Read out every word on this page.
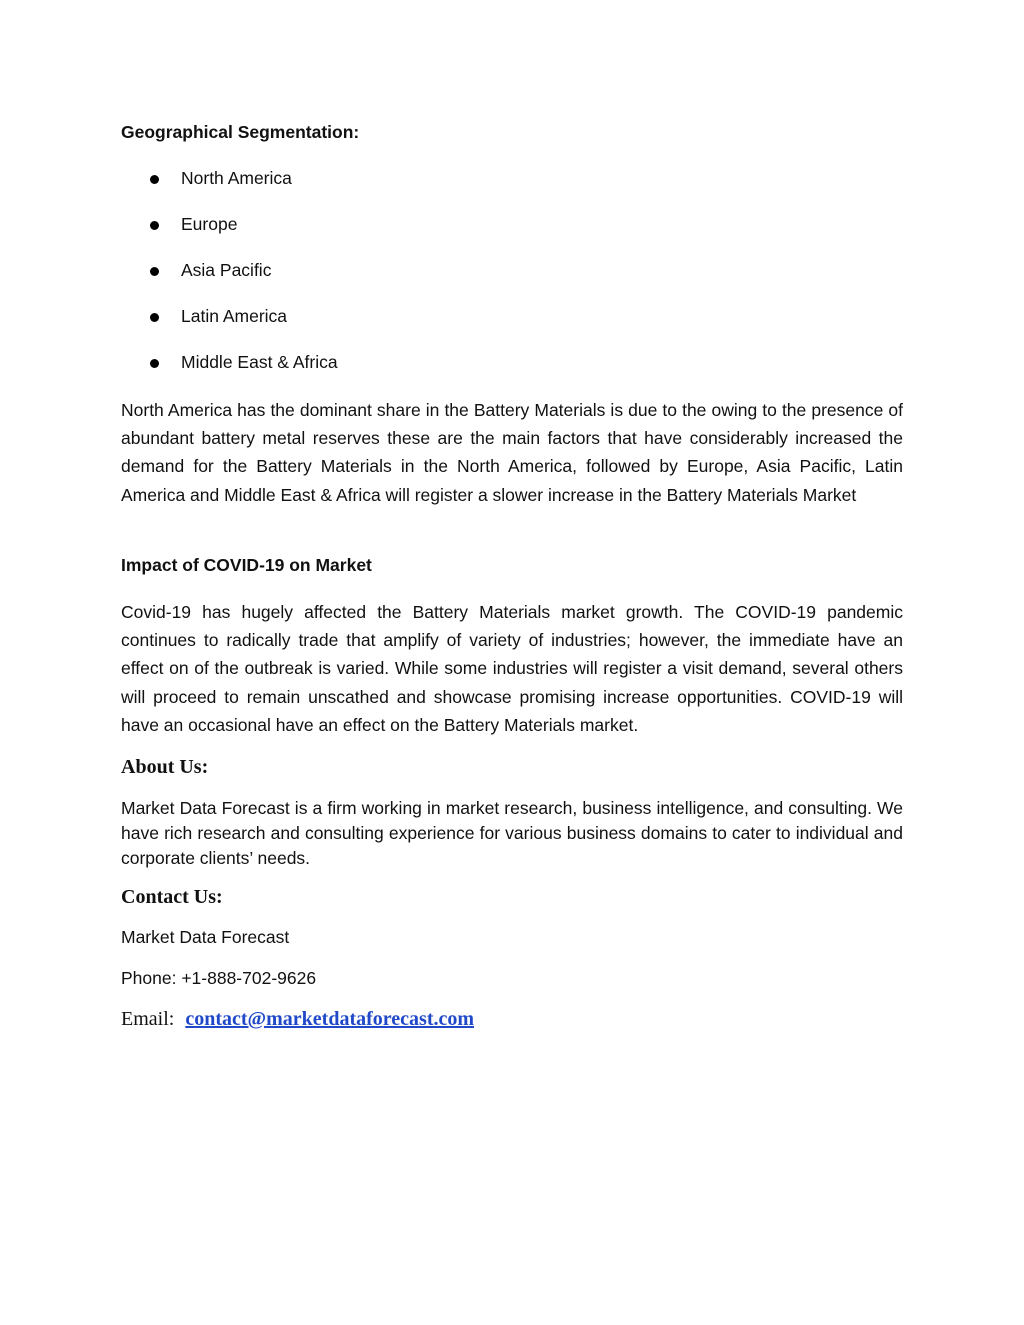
Geographical Segmentation:
North America
Europe
Asia Pacific
Latin America
Middle East & Africa

North America has the dominant share in the Battery Materials is due to the owing to the presence of abundant battery metal reserves these are the main factors that have considerably increased the demand for the Battery Materials in the North America, followed by Europe, Asia Pacific, Latin America and Middle East & Africa will register a slower increase in the Battery Materials Market

Impact of COVID-19 on Market

Covid-19 has hugely affected the Battery Materials market growth. The COVID-19 pandemic continues to radically trade that amplify of variety of industries; however, the immediate have an effect on of the outbreak is varied. While some industries will register a visit demand, several others will proceed to remain unscathed and showcase promising increase opportunities. COVID-19 will have an occasional have an effect on the Battery Materials market.

About Us:

Market Data Forecast is a firm working in market research, business intelligence, and consulting. We have rich research and consulting experience for various business domains to cater to individual and corporate clients’ needs.

Contact Us:
Market Data Forecast
Phone: +1-888-702-9626
Email: contact@marketdataforecast.com
